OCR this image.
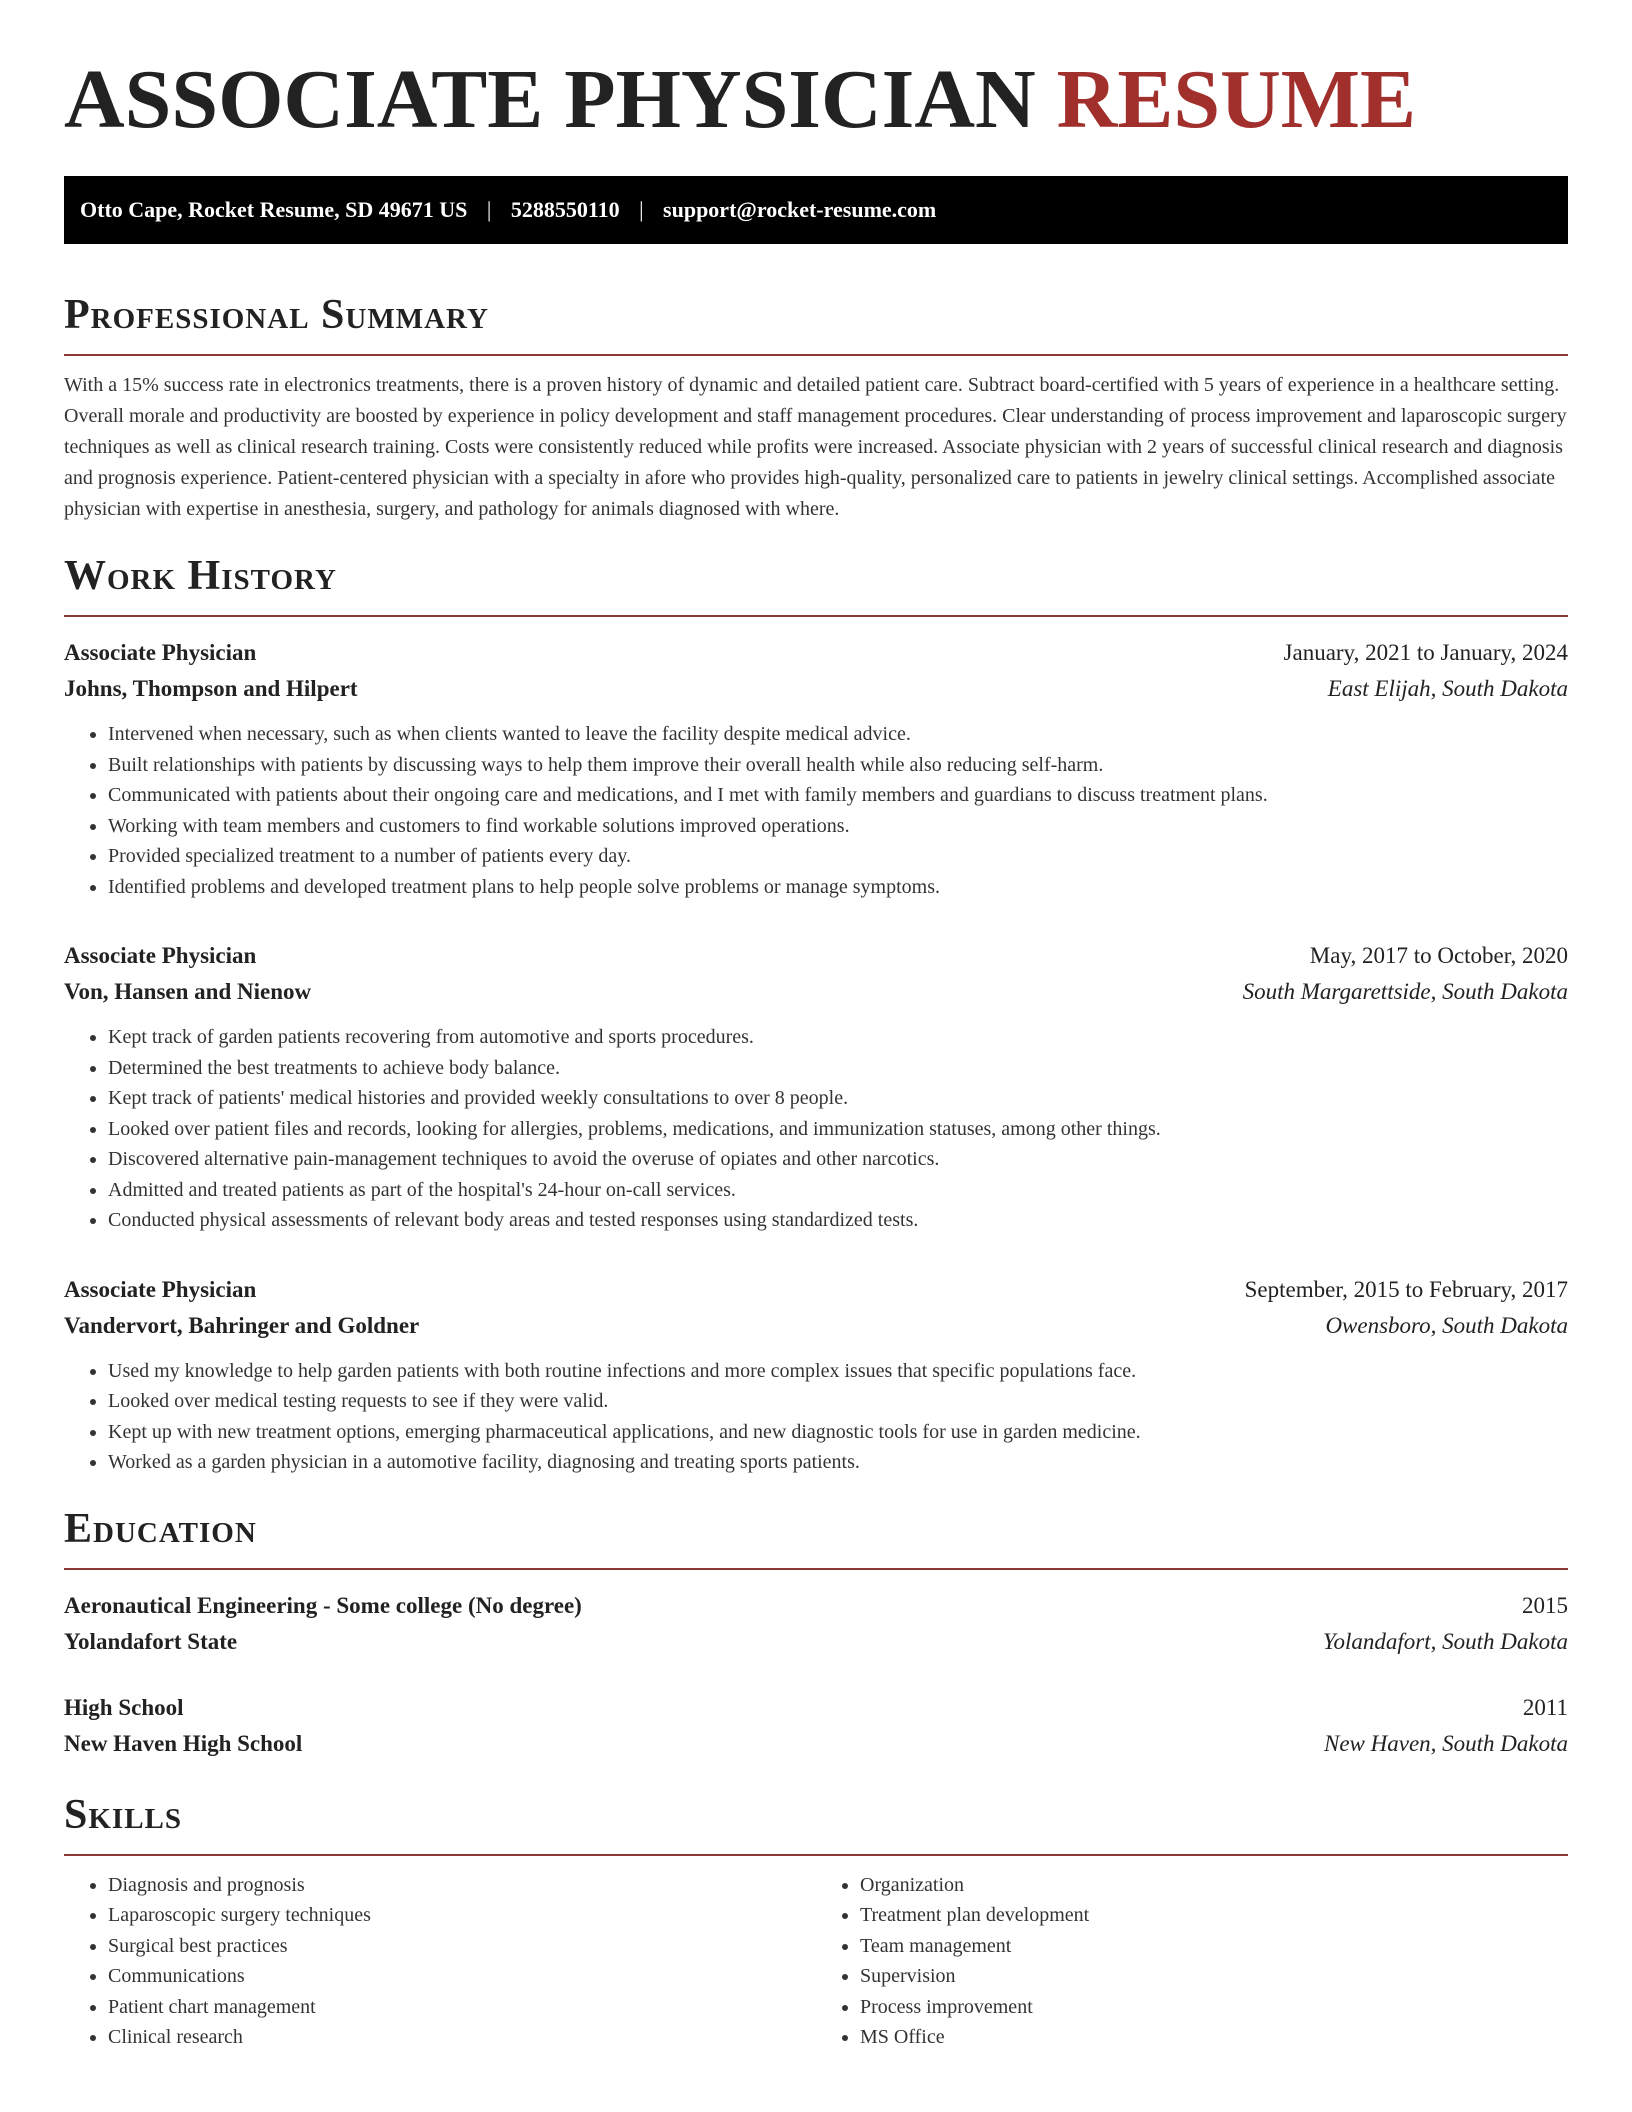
ASSOCIATE PHYSICIAN RESUME
Otto Cape, Rocket Resume, SD 49671 US | 5288550110 | support@rocket-resume.com
Professional Summary

With a 15% success rate in electronics treatments, there is a proven history of dynamic and detailed patient care. Subtract board-certified with 5 years of experience in a healthcare setting. Overall morale and productivity are boosted by experience in policy development and staff management procedures. Clear understanding of process improvement and laparoscopic surgery techniques as well as clinical research training. Costs were consistently reduced while profits were increased. Associate physician with 2 years of successful clinical research and diagnosis and prognosis experience. Patient-centered physician with a specialty in afore who provides high-quality, personalized care to patients in jewelry clinical settings. Accomplished associate physician with expertise in anesthesia, surgery, and pathology for animals diagnosed with where.

Work History
Associate Physician	January, 2021 to January, 2024
Johns, Thompson and Hilpert	East Elijah, South Dakota
• Intervened when necessary, such as when clients wanted to leave the facility despite medical advice.
• Built relationships with patients by discussing ways to help them improve their overall health while also reducing self-harm.
• Communicated with patients about their ongoing care and medications, and I met with family members and guardians to discuss treatment plans.
• Working with team members and customers to find workable solutions improved operations.
• Provided specialized treatment to a number of patients every day.
• Identified problems and developed treatment plans to help people solve problems or manage symptoms.
Associate Physician	May, 2017 to October, 2020
Von, Hansen and Nienow	South Margarettside, South Dakota
• Kept track of garden patients recovering from automotive and sports procedures.
• Determined the best treatments to achieve body balance.
• Kept track of patients' medical histories and provided weekly consultations to over 8 people.
• Looked over patient files and records, looking for allergies, problems, medications, and immunization statuses, among other things.
• Discovered alternative pain-management techniques to avoid the overuse of opiates and other narcotics.
• Admitted and treated patients as part of the hospital's 24-hour on-call services.
• Conducted physical assessments of relevant body areas and tested responses using standardized tests.
Associate Physician	September, 2015 to February, 2017
Vandervort, Bahringer and Goldner	Owensboro, South Dakota
• Used my knowledge to help garden patients with both routine infections and more complex issues that specific populations face.
• Looked over medical testing requests to see if they were valid.
• Kept up with new treatment options, emerging pharmaceutical applications, and new diagnostic tools for use in garden medicine.
• Worked as a garden physician in a automotive facility, diagnosing and treating sports patients.
Education
Aeronautical Engineering - Some college (No degree)	2015
Yolandafort State	Yolandafort, South Dakota
High School	2011
New Haven High School	New Haven, South Dakota
Skills
• Diagnosis and prognosis
• Laparoscopic surgery techniques
• Surgical best practices
• Communications
• Patient chart management
• Clinical research
• Organization
• Treatment plan development
• Team management
• Supervision
• Process improvement
• MS Office
